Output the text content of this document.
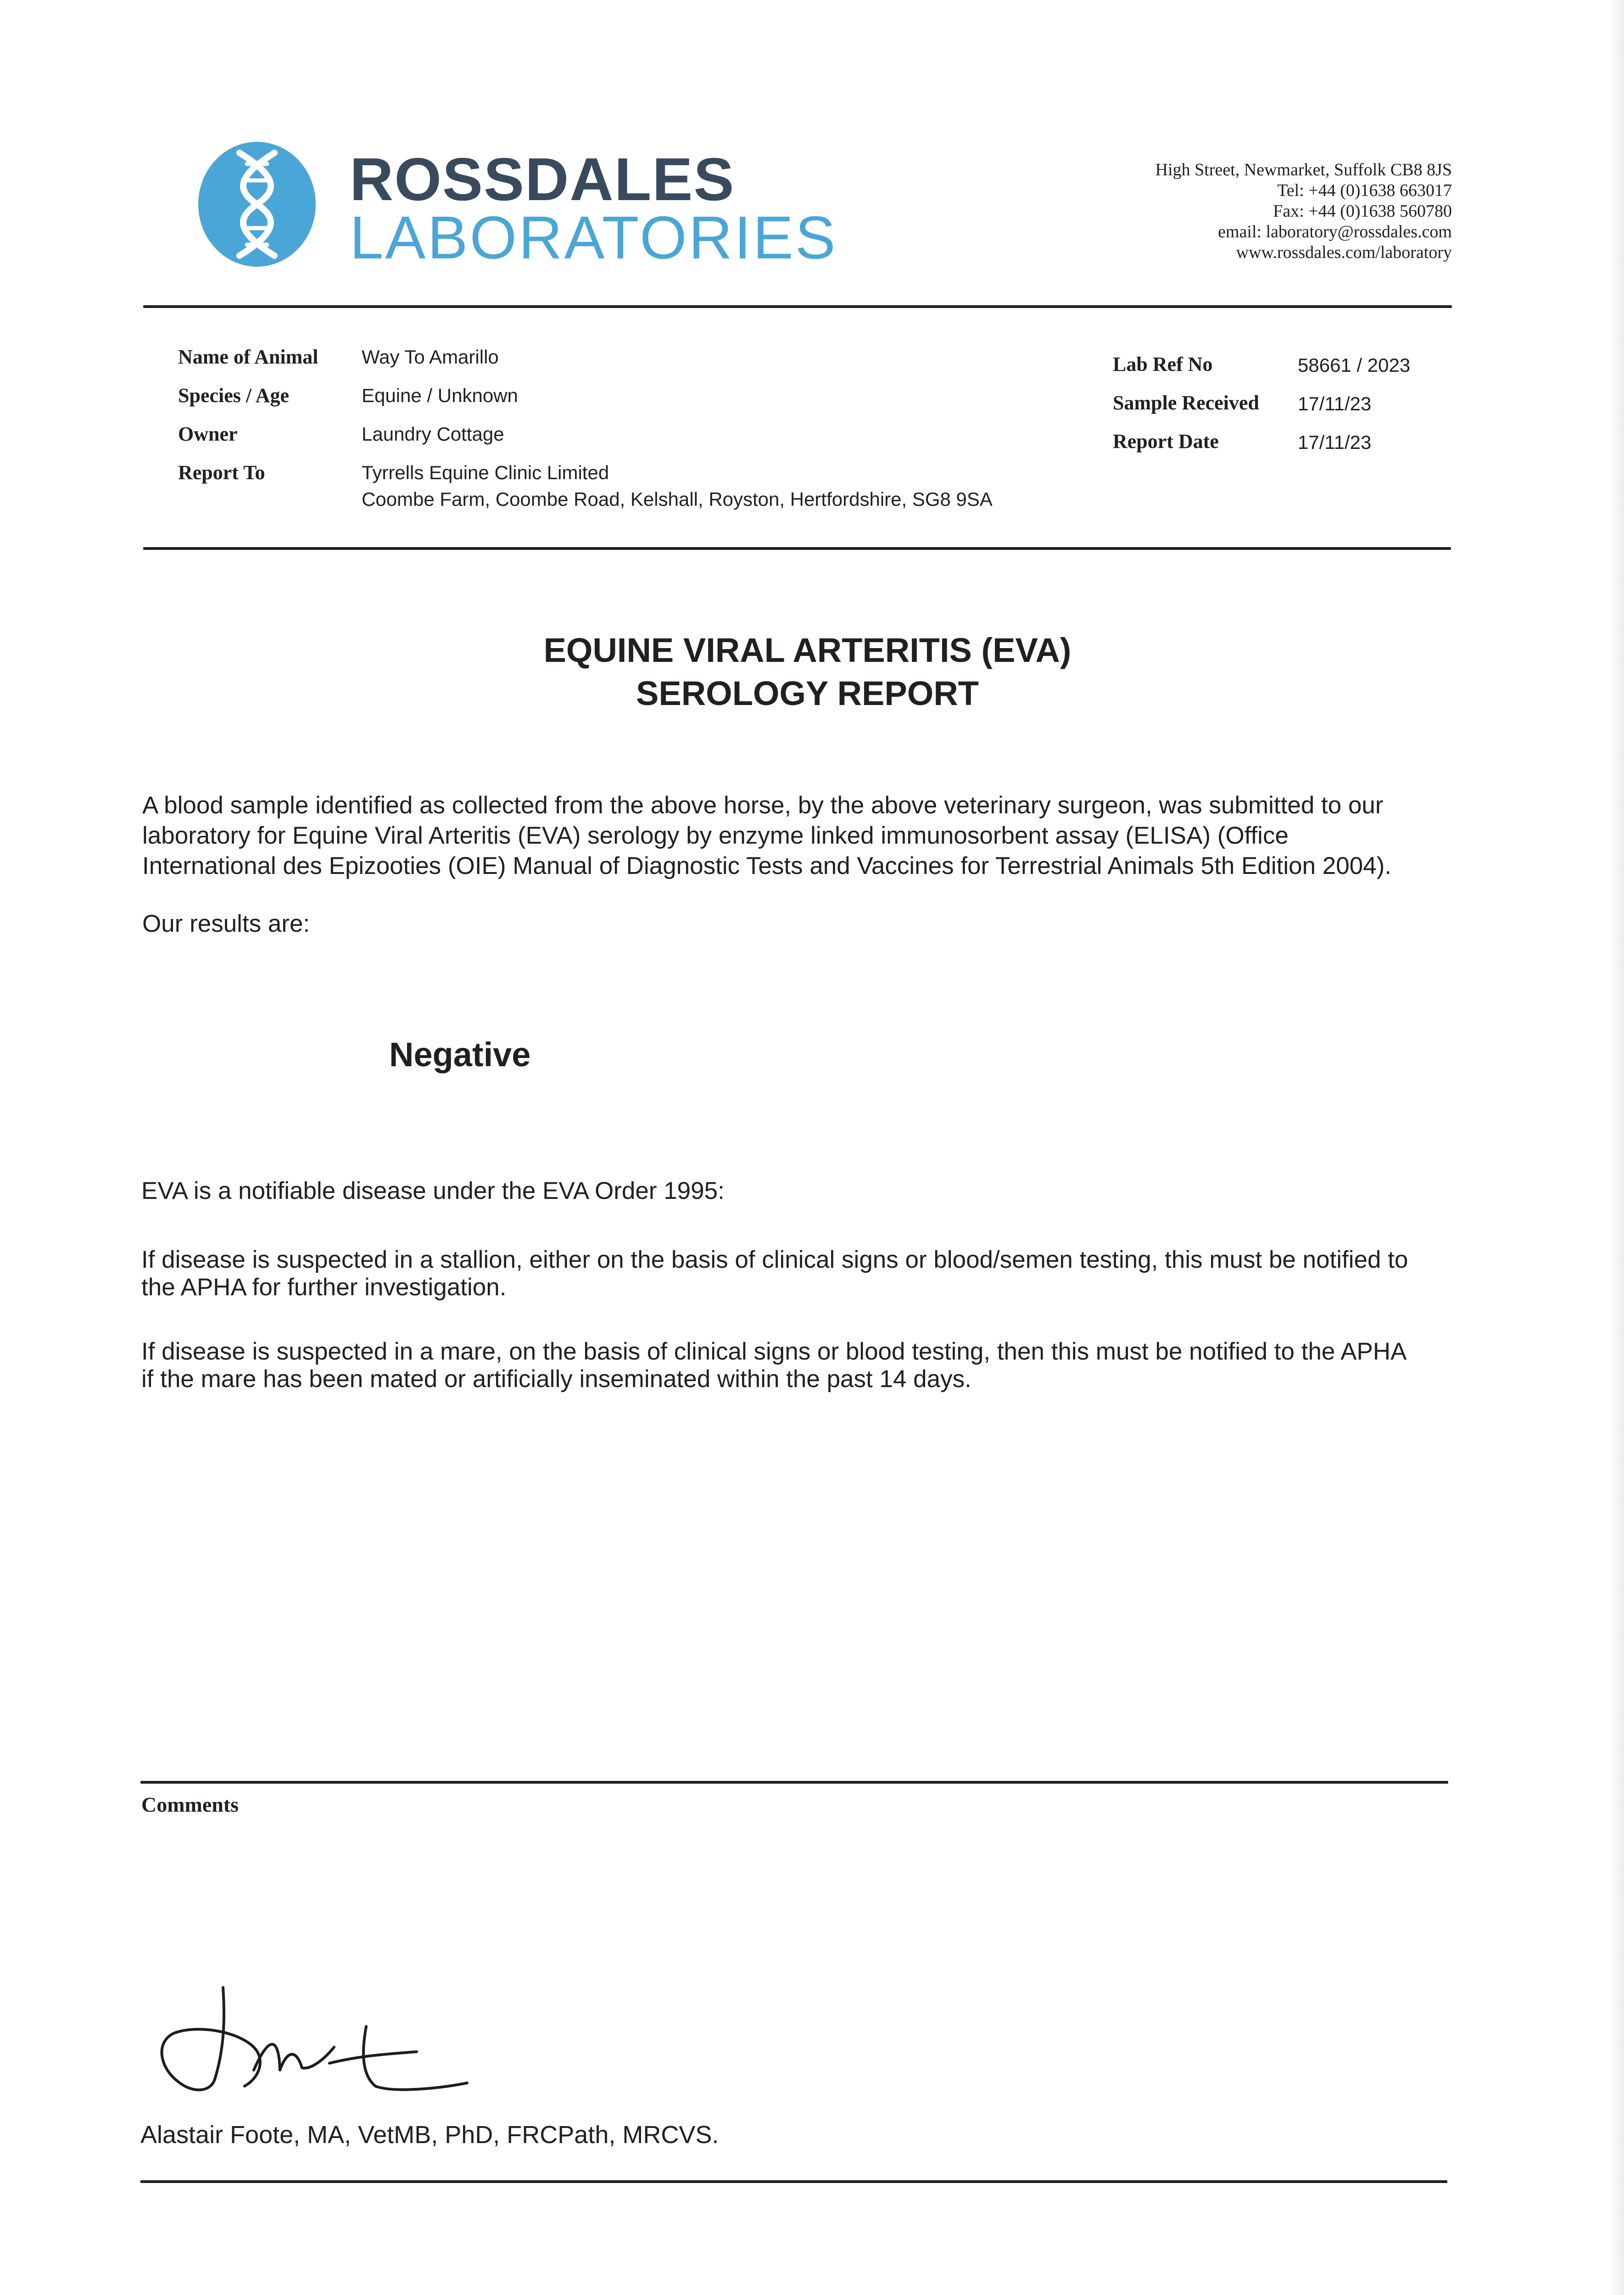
ROSSDALES
LABORATORIES
High Street, Newmarket, Suffolk CB8 8JS
Tel: +44 (0)1638 663017
Fax: +44 (0)1638 560780
email: laboratory@rossdales.com
www.rossdales.com/laboratory
Name of Animal Way To Amarillo
Species / Age	Equine / Unknown
Owner	Laundry Cottage
Report To	Tyrrells Equine Clinic Limited
Coombe Farm, Coombe Road, Kelshall, Royston, Hertfordshire, SG8 9SA
Lab Ref No	58661 / 2023
Sample Received 17/11/23
Report Date	17/11/23
EQUINE VIRAL ARTERITIS (EVA)
SEROLOGY REPORT
A blood sample identified as collected from the above horse, by the above veterinary surgeon, was submitted to our
laboratory for Equine Viral Arteritis (EVA) serology by enzyme linked immunosorbent assay (ELISA) (Office
International des Epizooties (OIE) Manual of Diagnostic Tests and Vaccines for Terrestrial Animals 5th Edition 2004).
Our results are:
Negative
EVA is a notifiable disease under the EVA Order 1995:
If disease is suspected in a stallion, either on the basis of clinical signs or blood/semen testing, this must be notified to
the APHA for further investigation.
If disease is suspected in a mare, on the basis of clinical signs or blood testing, then this must be notified to the APHA
if the mare has been mated or artificially inseminated within the past 14 days.
Comments
Alastair Foote, MA, VetMB, PhD, FRCPath, MRCVS.
